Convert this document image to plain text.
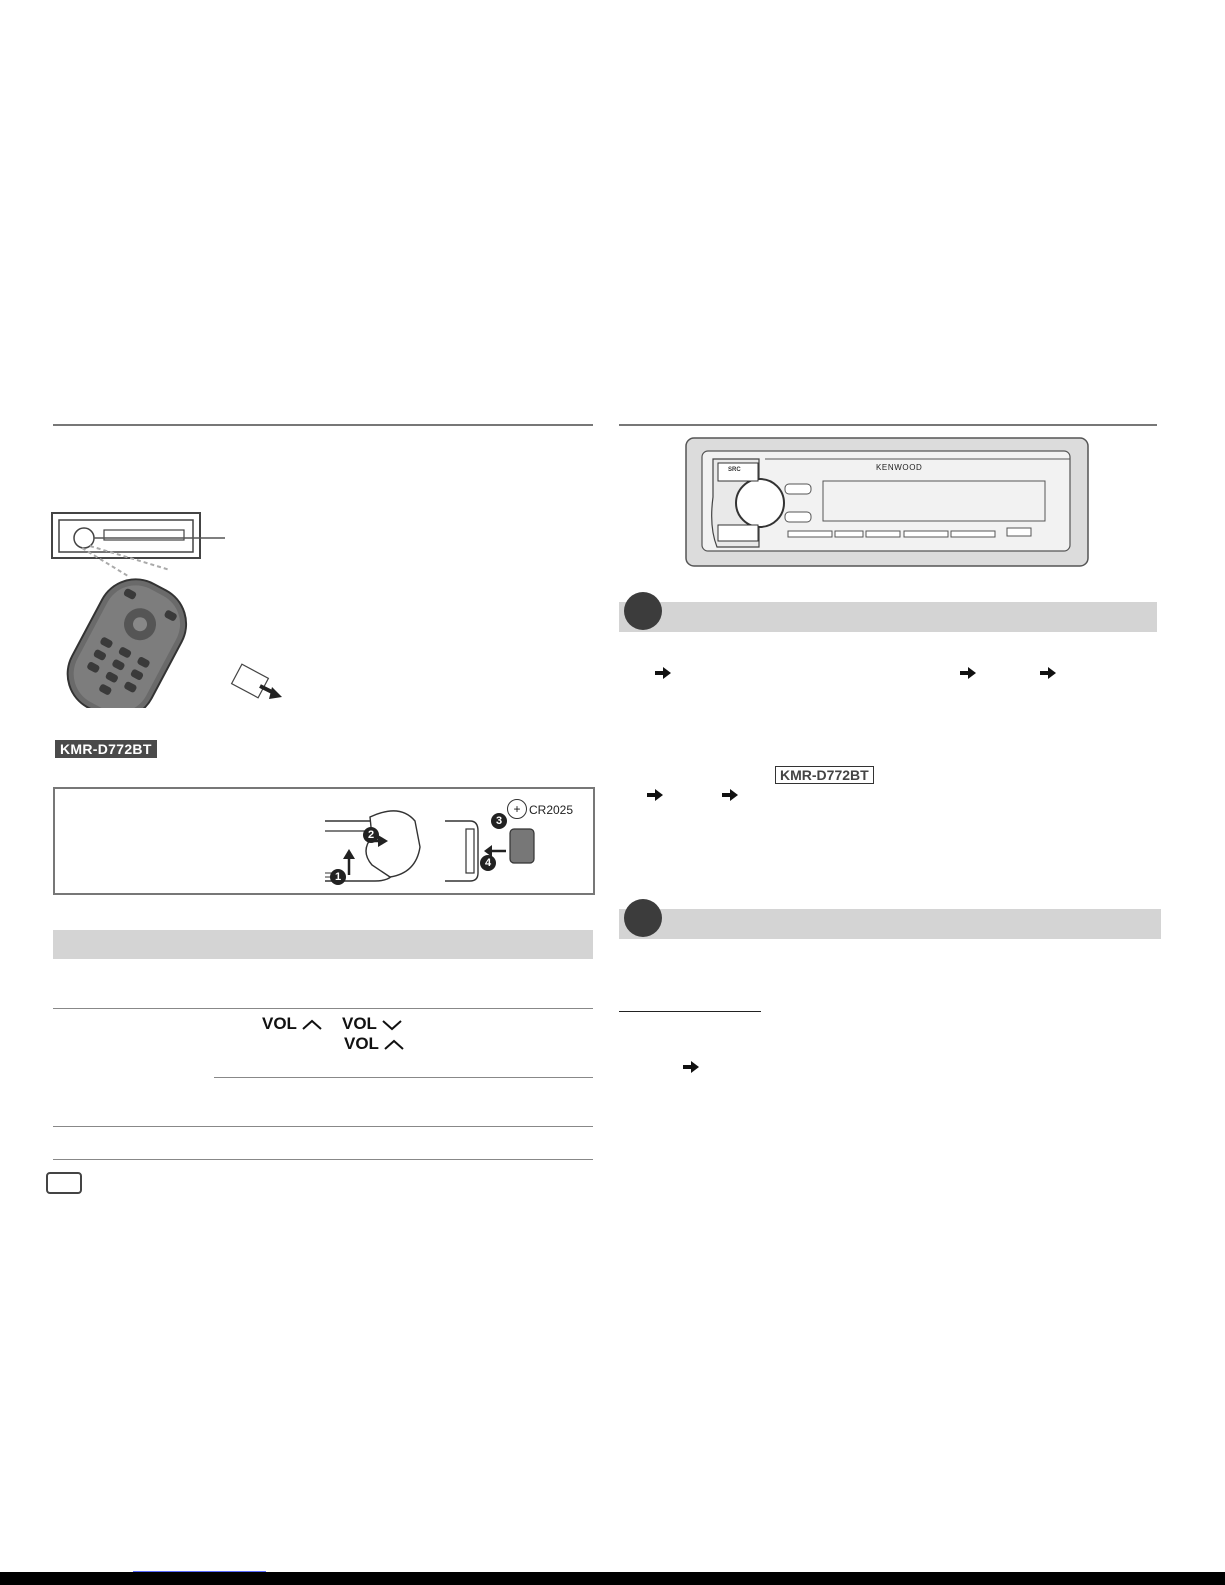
KMR-D772BT
2
1
3
4
+ CR2025
VOL	VOL
VOL
KENWOOD
SRC
KMR-D772BT
